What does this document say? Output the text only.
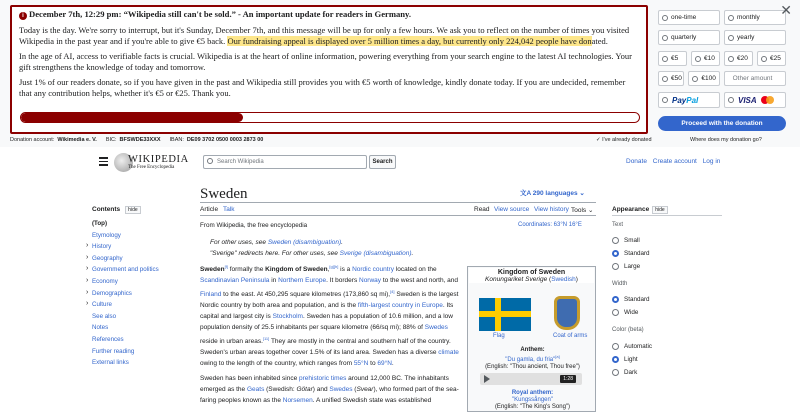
i December 7th, 12:29 pm: “Wikipedia still can't be sold.” - An important update for readers in Germany.

Today is the day. We're sorry to interrupt, but it's Sunday, December 7th, and this message will be up for only a few hours. We ask you to reflect on the number of times you visited Wikipedia in the past year and if you're able to give €5 back. Our fundraising appeal is displayed over 5 million times a day, but currently only 224,042 people have donated.

In the age of AI, access to verifiable facts is crucial. Wikipedia is at the heart of online information, powering everything from your search engine to the latest AI technologies. Your gift strengthens the knowledge of today and tomorrow.

Just 1% of our readers donate, so if you have given in the past and Wikipedia still provides you with €5 worth of knowledge, kindly donate today. If you are undecided, remember that any contribution helps, whether it's €5 or €25. Thank you.

one-time	monthly
quarterly	yearly
€5	€10	€20	€25
€50	€100	Other amount
Pay Pal	VISA
Proceed with the donation
✕
Donation account: Wikimedia e. V. BIC: BFSWDE33XXX IBAN: DE09 3702 0500 0003 2873 00	✓ I've already donated	Where does my donation go?
WIKIPEDIA
The Free Encyclopedia
Search Wikipedia	Search	Donate Create account Log in
Sweden	文A 290 languages ⌄
Article Talk	Read View source View history Tools ⌄
Contents hide
(Top)
Etymology
› History
› Geography
› Government and politics
› Economy
› Demographics
› Culture
See also
Notes
References
Further reading
External links
From Wikipedia, the free encyclopedia	Coordinates: 63°N 16°E
For other uses, see Sweden (disambiguation).
"Sverige" redirects here. For other uses, see Sverige (disambiguation).
Sweden[f] formally the Kingdom of Sweden,[g][h] is a Nordic country located on the Scandinavian Peninsula in Northern Europe. It borders Norway to the west and north, and Finland to the east. At 450,295 square kilometres (173,860 sq mi),[4] Sweden is the largest Nordic country by both area and population, and is the fifth-largest country in Europe. Its capital and largest city is Stockholm. Sweden has a population of 10.6 million, and a low population density of 25.5 inhabitants per square kilometre (66/sq mi); 88% of Swedes reside in urban areas.[11] They are mostly in the central and southern half of the country. Sweden's urban areas together cover 1.5% of its land area. Sweden has a diverse climate owing to the length of the country, which ranges from 55°N to 69°N.
Sweden has been inhabited since prehistoric times around 12,000 BC. The inhabitants emerged as the Geats (Swedish: Götar) and Swedes (Svear), who formed part of the sea-faring peoples known as the Norsemen. A unified Swedish state was established
Kingdom of Sweden
Konungariket Sverige (Swedish)
Flag	Coat of arms
Anthem:
"Du gamla, du fria"[a]
(English: "Thou ancient, Thou free")
1:28
Royal anthem:
"Kungssången"
(English: "The King's Song")
Appearance hide
Text
Small
Standard
Large
Width
Standard
Wide
Color (beta)
Automatic
Light
Dark
